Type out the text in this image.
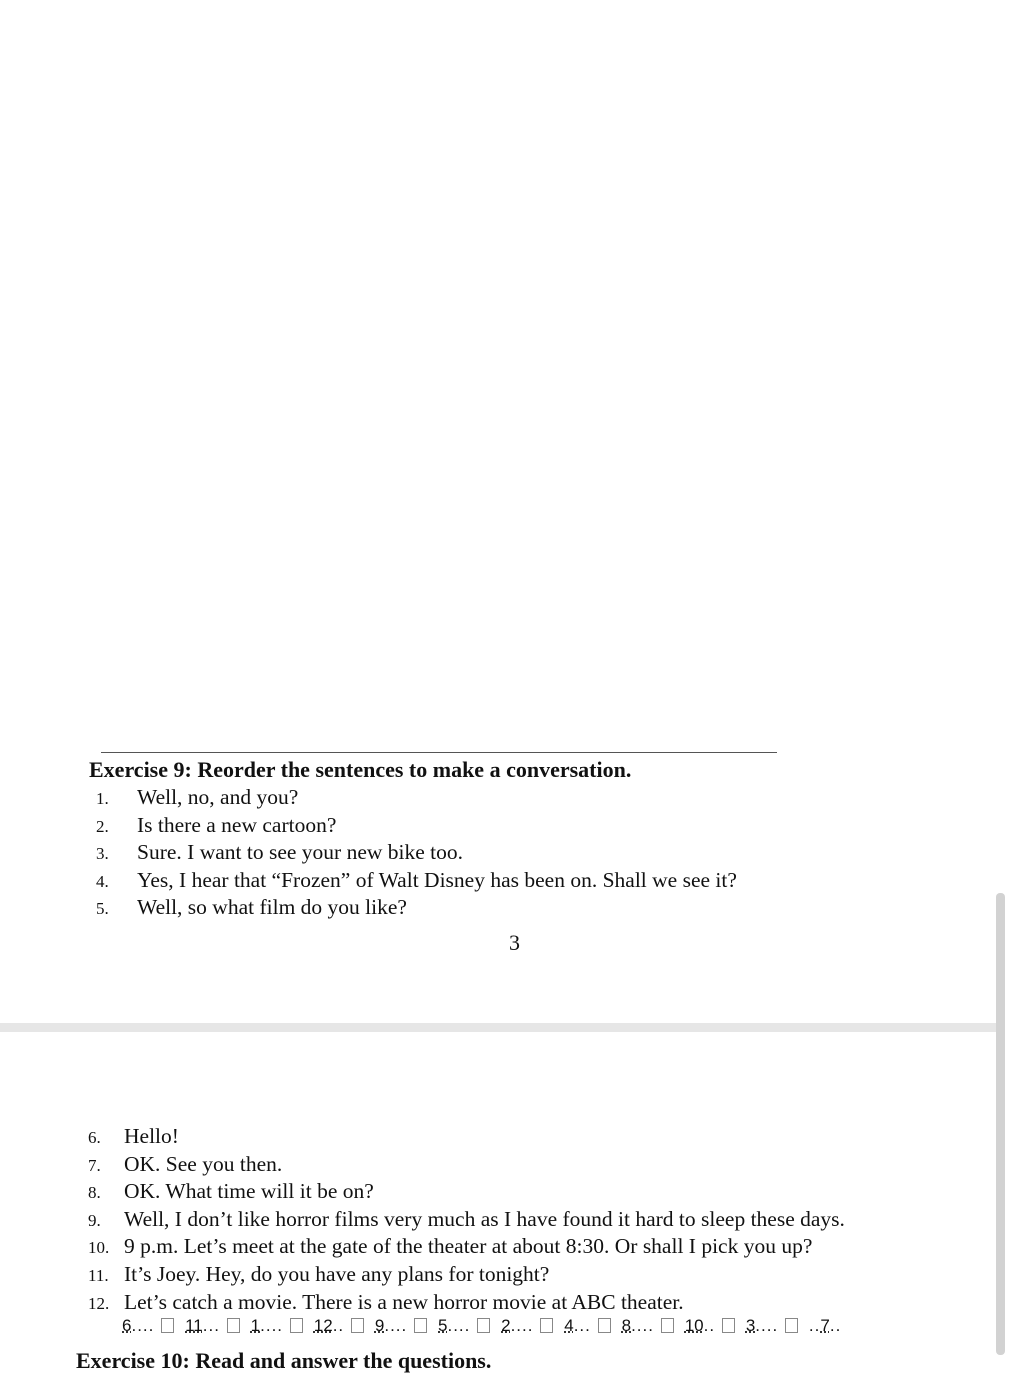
Exercise 9: Reorder the sentences to make a conversation.
1. Well, no, and you?
2. Is there a new cartoon?
3. Sure. I want to see your new bike too.
4. Yes, I hear that “Frozen” of Walt Disney has been on. Shall we see it?
5. Well, so what film do you like?
3
6. Hello!
7. OK. See you then.
8. OK. What time will it be on?
9. Well, I don’t like horror films very much as I have found it hard to sleep these days.
10. 9 p.m. Let’s meet at the gate of the theater at about 8:30. Or shall I pick you up?
11. It’s Joey. Hey, do you have any plans for tonight?
12. Let’s catch a movie. There is a new horror movie at ABC theater.
6.... 11... 1.... 12.. 9.... 5.... 2.... 4... 8.... 10.. 3.... ..7..
Exercise 10: Read and answer the questions.
